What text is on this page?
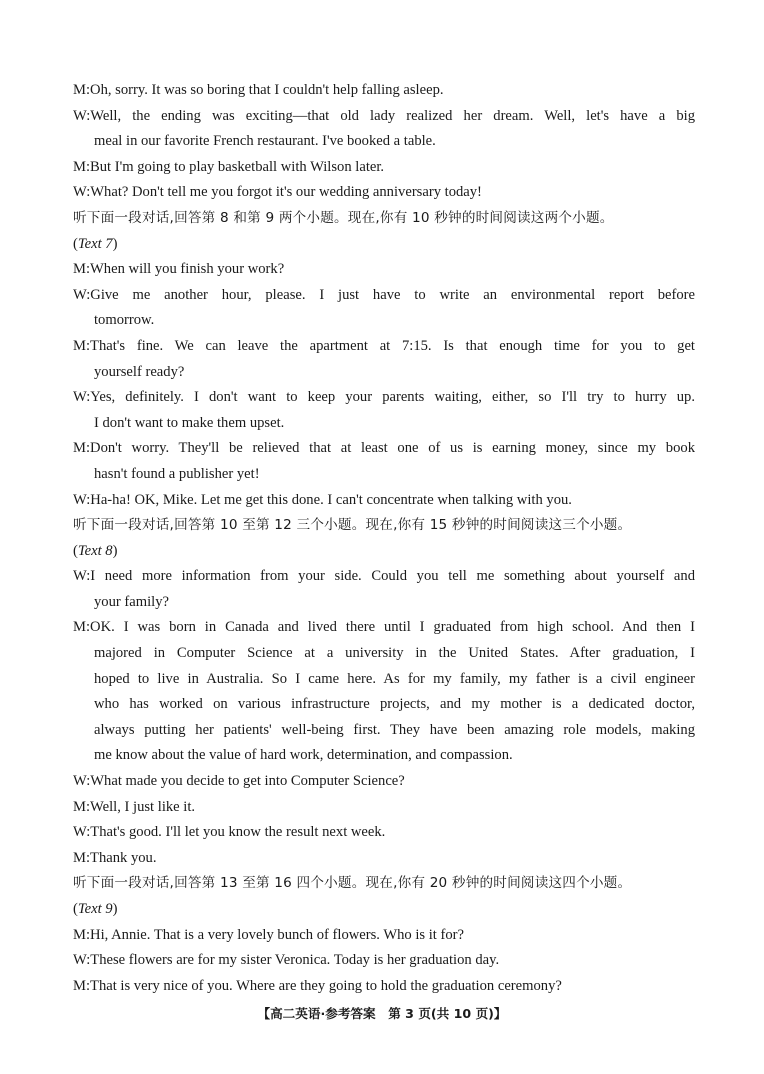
M:Oh, sorry. It was so boring that I couldn't help falling asleep.
W:Well, the ending was exciting—that old lady realized her dream. Well, let's have a big
meal in our favorite French restaurant. I've booked a table.
M:But I'm going to play basketball with Wilson later.
W:What? Don't tell me you forgot it's our wedding anniversary today!
听下面一段对话,回答第 8 和第 9 两个小题。现在,你有 10 秒钟的时间阅读这两个小题。
(Text 7)
M:When will you finish your work?
W:Give me another hour, please. I just have to write an environmental report before
tomorrow.
M:That's fine. We can leave the apartment at 7:15. Is that enough time for you to get
yourself ready?
W:Yes, definitely. I don't want to keep your parents waiting, either, so I'll try to hurry up.
I don't want to make them upset.
M:Don't worry. They'll be relieved that at least one of us is earning money, since my book
hasn't found a publisher yet!
W:Ha-ha! OK, Mike. Let me get this done. I can't concentrate when talking with you.
听下面一段对话,回答第 10 至第 12 三个小题。现在,你有 15 秒钟的时间阅读这三个小题。
(Text 8)
W:I need more information from your side. Could you tell me something about yourself and
your family?
M:OK. I was born in Canada and lived there until I graduated from high school. And then I
majored in Computer Science at a university in the United States. After graduation, I
hoped to live in Australia. So I came here. As for my family, my father is a civil engineer
who has worked on various infrastructure projects, and my mother is a dedicated doctor,
always putting her patients' well-being first. They have been amazing role models, making
me know about the value of hard work, determination, and compassion.
W:What made you decide to get into Computer Science?
M:Well, I just like it.
W:That's good. I'll let you know the result next week.
M:Thank you.
听下面一段对话,回答第 13 至第 16 四个小题。现在,你有 20 秒钟的时间阅读这四个小题。
(Text 9)
M:Hi, Annie. That is a very lovely bunch of flowers. Who is it for?
W:These flowers are for my sister Veronica. Today is her graduation day.
M:That is very nice of you. Where are they going to hold the graduation ceremony?
【高二英语·参考答案　第 3 页(共 10 页)】
